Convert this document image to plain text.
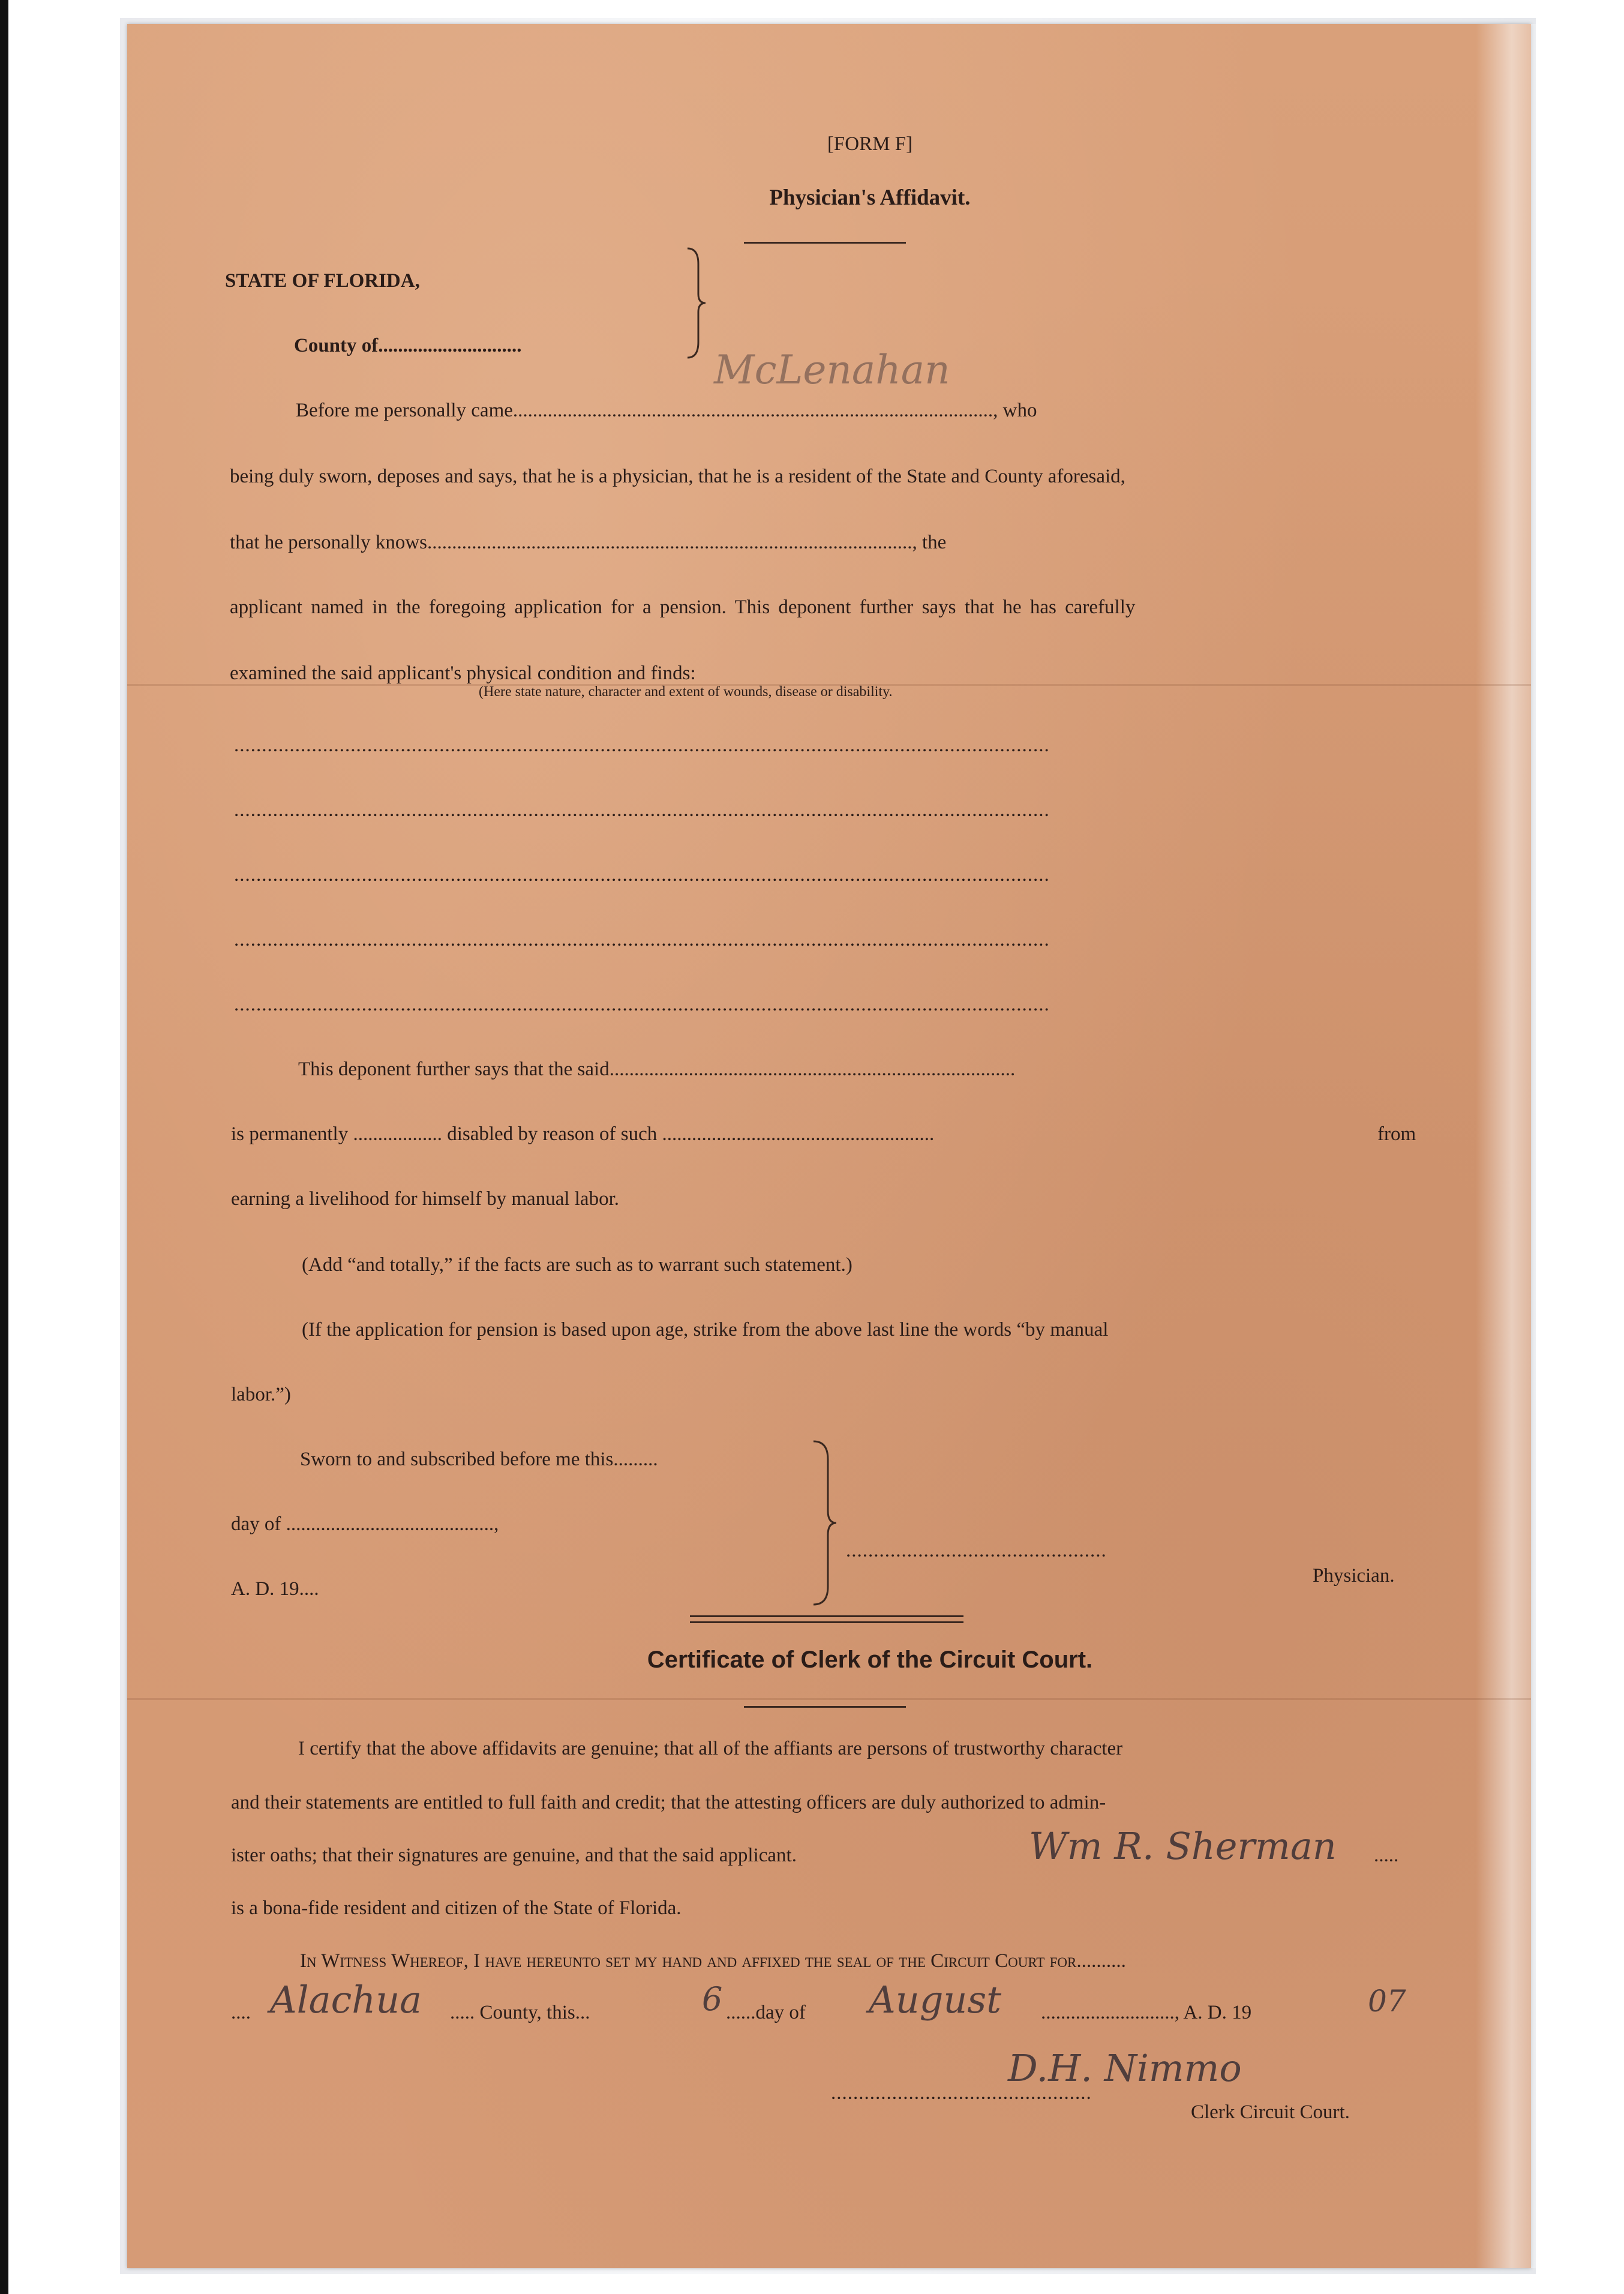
[FORM F]
Physician's Affidavit.
STATE OF FLORIDA,
County of.............................
McLenahan
Before me personally came................................................................................................., who
being duly sworn, deposes and says, that he is a physician, that he is a resident of the State and County aforesaid,
that he personally knows.................................................................................................., the
applicant named in the foregoing application for a pension. This deponent further says that he has carefully
examined the said applicant's physical condition and finds:
(Here state nature, character and extent of wounds, disease or disability.
...................................................................................................................................................
...................................................................................................................................................
...................................................................................................................................................
...................................................................................................................................................
...................................................................................................................................................
This deponent further says that the said..................................................................................
is permanently .................. disabled by reason of such .......................................................	from
earning a livelihood for himself by manual labor.
(Add “and totally,” if the facts are such as to warrant such statement.)
(If the application for pension is based upon age, strike from the above last line the words “by manual
labor.”)
Sworn to and subscribed before me this.........
day of ..........................................,
A. D. 19....
...............................................
Physician.
Certificate of Clerk of the Circuit Court.
I certify that the above affidavits are genuine; that all of the affiants are persons of trustworthy character
and their statements are entitled to full faith and credit; that the attesting officers are duly authorized to admin-
ister oaths; that their signatures are genuine, and that the said applicant.	Wm R. Sherman .....
is a bona-fide resident and citizen of the State of Florida.
In Witness Whereof, I have hereunto set my hand and affixed the seal of the Circuit Court for..........
.... Alachua ..... County, this...	6 ......day of August ..........................., A. D. 19	07
...............................................
D.H. Nimmo
Clerk Circuit Court.
